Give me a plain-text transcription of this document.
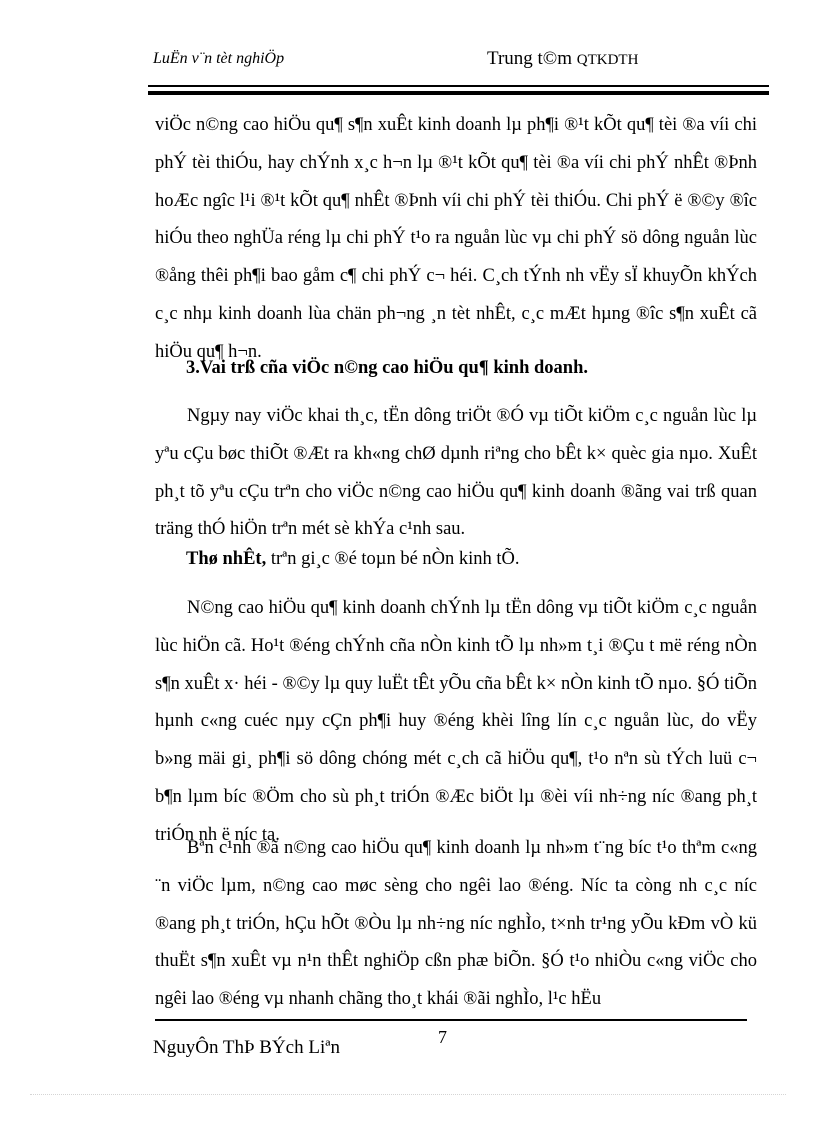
LuËn v¨n tèt nghiÖp	Trung t©m QTKDTH

viÖc n©ng cao hiÖu qu¶ s¶n xuÊt kinh doanh lµ ph¶i ®¹t kÕt qu¶ tèi ®a víi chi phÝ tèi thiÓu, hay chÝnh x¸c h¬n lµ ®¹t kÕt qu¶ tèi ®a víi chi phÝ nhÊt ®Þnh hoÆc ngîc l¹i ®¹t kÕt qu¶ nhÊt ®Þnh víi chi phÝ tèi thiÓu. Chi phÝ ë ®©y ®îc hiÓu theo nghÜa réng lµ chi phÝ t¹o ra nguån lùc vµ chi phÝ sö dông nguån lùc ®ång thêi ph¶i bao gåm c¶ chi phÝ c¬ héi. C¸ch tÝnh nh vËy sÏ khuyÕn khÝch c¸c nhµ kinh doanh lùa chän ph¬ng ¸n tèt nhÊt, c¸c mÆt hµng ®îc s¶n xuÊt cã hiÖu qu¶ h¬n.

3.Vai trß cña viÖc n©ng cao hiÖu qu¶ kinh doanh.

Ngµy nay viÖc khai th¸c, tËn dông triÖt ®Ó vµ tiÕt kiÖm c¸c nguån lùc lµ yªu cÇu bøc thiÕt ®Æt ra kh«ng chØ dµnh riªng cho bÊt k× quèc gia nµo. XuÊt ph¸t tõ yªu cÇu trªn cho viÖc n©ng cao hiÖu qu¶ kinh doanh ®ãng vai trß quan träng thÓ hiÖn trªn mét sè khÝa c¹nh sau.

Thø nhÊt, trªn gi¸c ®é toµn bé nÒn kinh tÕ.

N©ng cao hiÖu qu¶ kinh doanh chÝnh lµ tËn dông vµ tiÕt kiÖm c¸c nguån lùc hiÖn cã. Ho¹t ®éng chÝnh cña nÒn kinh tÕ lµ nh»m t¸i ®Çu t më réng nÒn s¶n xuÊt x· héi - ®©y lµ quy luËt tÊt yÕu cña bÊt k× nÒn kinh tÕ nµo. §Ó tiÕn hµnh c«ng cuéc nµy cÇn ph¶i huy ®éng khèi lîng lín c¸c nguån lùc, do vËy b»ng mäi gi¸ ph¶i sö dông chóng mét c¸ch cã hiÖu qu¶, t¹o nªn sù tÝch luü c¬ b¶n lµm bíc ®Öm cho sù ph¸t triÓn ®Æc biÖt lµ ®èi víi nh÷ng níc ®ang ph¸t triÓn nh ë níc ta.

Bªn c¹nh ®ã n©ng cao hiÖu qu¶ kinh doanh lµ nh»m t¨ng bíc t¹o thªm c«ng ¨n viÖc lµm, n©ng cao møc sèng cho ngêi lao ®éng. Níc ta còng nh c¸c níc ®ang ph¸t triÓn, hÇu hÕt ®Òu lµ nh÷ng níc nghÌo, t×nh tr¹ng yÕu kÐm vÒ kü thuËt s¶n xuÊt vµ n¹n thÊt nghiÖp cßn phæ biÕn. §Ó t¹o nhiÒu c«ng viÖc cho ngêi lao ®éng vµ nhanh chãng tho¸t khái ®ãi nghÌo, l¹c hËu

7
NguyÔn ThÞ BÝch Liªn
